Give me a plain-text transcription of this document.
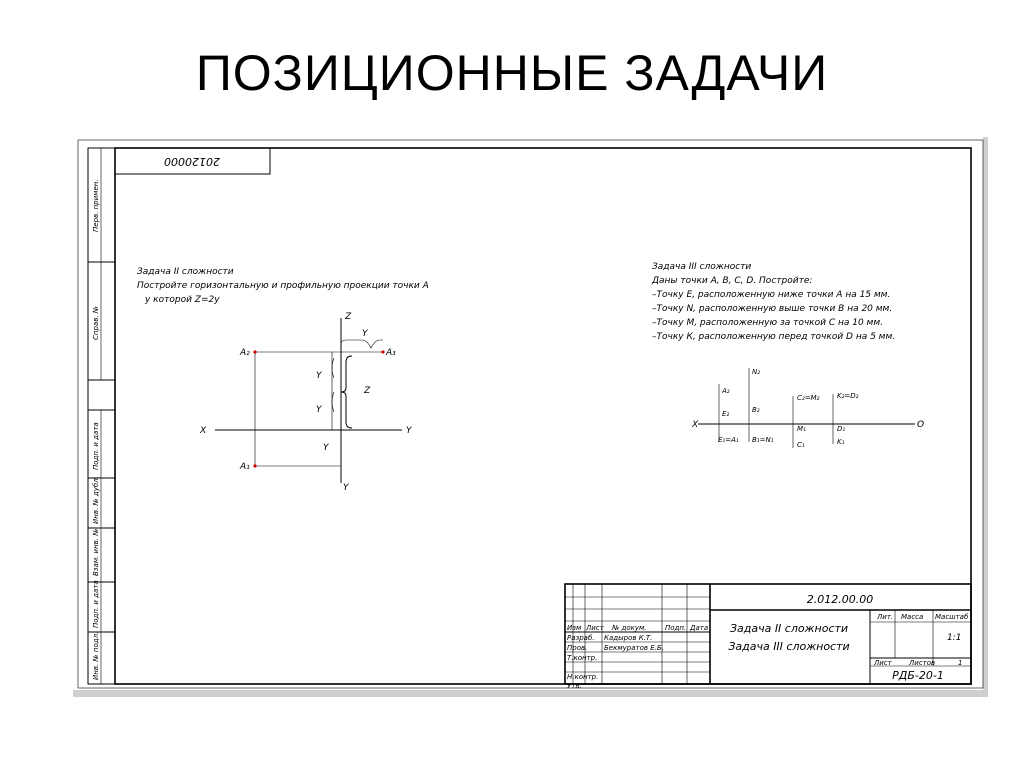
ПОЗИЦИОННЫЕ ЗАДАЧИ
Перв. примен.
Справ. №
Подп. и дата
Инв. № дубл.
Взам. инв. №
Подп. и дата
Инв. № подл.
20120000
Задача II сложности
Постройте горизонтальную и профильную проекции точки А
у которой Z=2y
Z
Y
A₂	A₃
Y
Y
Z
X	Y
Y
A₁
Y
Задача III сложности
Даны точки А, В, С, D. Постройте:
–Точку Е, расположенную ниже точки А на 15 мм.
–Точку N, расположенную выше точки В на 20 мм.
–Точку М, расположенную за точкой С на 10 мм.
–Точку К, расположенную перед точкой D на 5 мм.
X	O
A₂
N₂
E₂	B₂
C₂=M₂	K₂=D₂
E₁=A₁ B₁=N₁
M₁
C₁
D₁
K₁
Изм Лист № докум.	Подп. Дата
Разраб. Кадыров К.Т.
Пров. Бекмуратов Е.Б.
Т.контр.
Н.контр.
Утв.
2.012.00.00
Задача II сложности
Задача III сложности
Лит. Масса Масштаб
1:1
Лист Листов	1
РДБ-20-1
